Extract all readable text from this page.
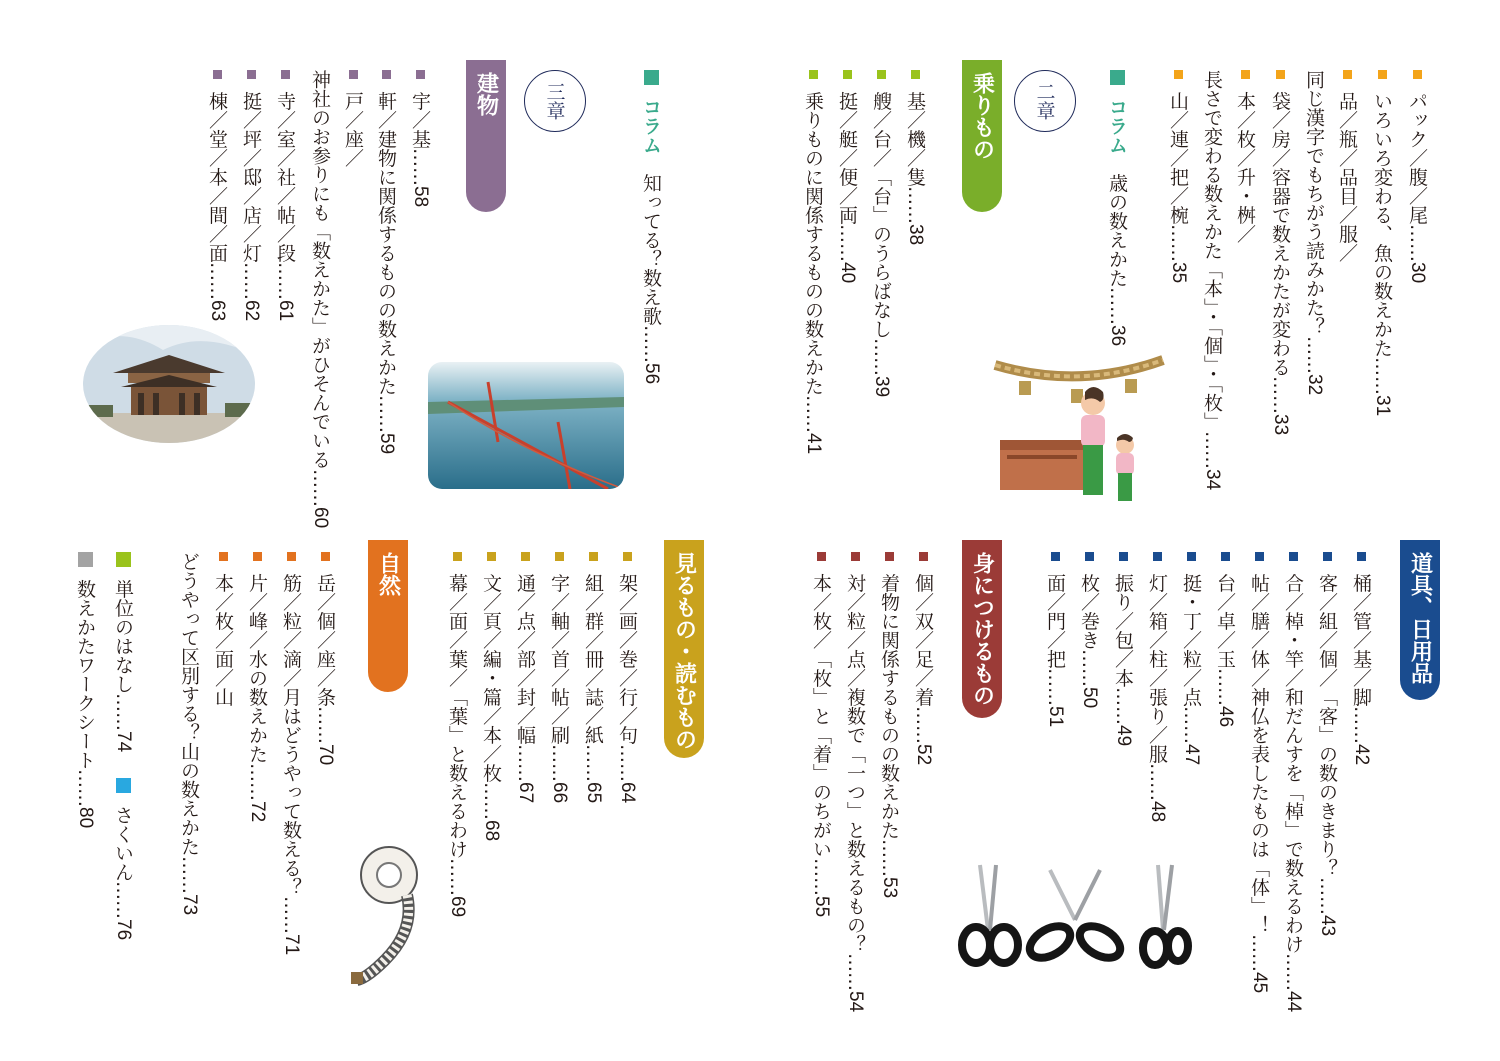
パック／腹／尾……30
いろいろ変わる、魚の数えかた……31
品／瓶／品目／服／
同じ漢字でもちがう読みかた？……32
袋／房／容器で数えかたが変わる……33
本／枚／升・桝／
長さで変わる数えかた「本」・「個」・「枚」……34
山／連／把／椀……35
コラム　歳の数えかた……36
二章
乗りもの
基／機／隻……38
艘／台／「台」のうらばなし……39
挺／艇／便／両……40
乗りものに関係するものの数えかた……41
コラム　知ってる？数え歌……56
三章
建物
宇／基……58
軒／建物に関係するものの数えかた……59
戸／座／
神社のお参りにも「数えかた」がひそんでいる……60
寺／室／社／帖／段……61
挺／坪／邸／店／灯……62
棟／堂／本／間／面……63
道具、日用品
桶／管／基／脚……42
客／組／個／「客」の数のきまり？……43
合／棹・竿／和だんすを「棹」で数えるわけ……44
帖／膳／体／神仏を表したものは「体」！……45
台／卓／玉……46
挺・丁／粒／点……47
灯／箱／柱／張り／服……48
振り／包／本……49
枚／巻き……50
面／門／把……51
身につけるもの
個／双／足／着……52
着物に関係するものの数えかた……53
対／粒／点／複数で「一つ」と数えるもの？……54
本／枚／「枚」と「着」のちがい……55
見るもの・読むもの
架／画／巻／行／句……64
組／群／冊／誌／紙……65
字／軸／首／帖／刷……66
通／点／部／封／幅……67
文／頁／編・篇／本／枚……68
幕／面／葉／「葉」と数えるわけ……69
自然
岳／個／座／条……70
筋／粒／滴／月はどうやって数える？……71
片／峰／水の数えかた……72
本／枚／面／山
どうやって区別する？山の数えかた……73
単位のはなし……74
さくいん……76
数えかたワークシート……80
